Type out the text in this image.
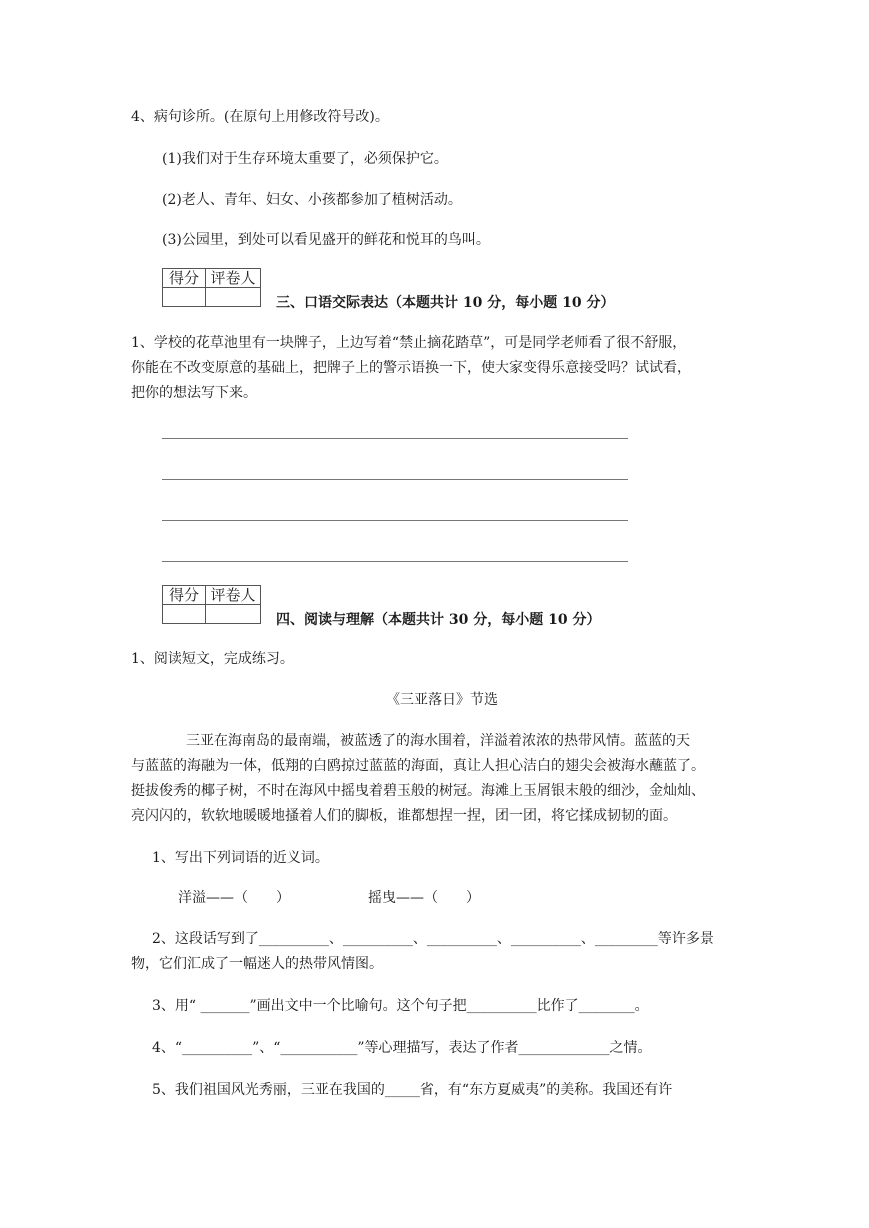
4、病句诊所。(在原句上用修改符号改)。
(1)我们对于生存环境太重要了，必须保护它。
(2)老人、青年、妇女、小孩都参加了植树活动。
(3)公园里，到处可以看见盛开的鲜花和悦耳的鸟叫。
得分	评卷人

三、口语交际表达（本题共计 10 分，每小题 10 分）
1、学校的花草池里有一块牌子，上边写着“禁止摘花踏草”，可是同学老师看了很不舒服，
你能在不改变原意的基础上，把牌子上的警示语换一下，使大家变得乐意接受吗？试试看，
把你的想法写下来。
得分	评卷人

四、阅读与理解（本题共计 30 分，每小题 10 分）
1、阅读短文，完成练习。
《三亚落日》节选
三亚在海南岛的最南端，被蓝透了的海水围着，洋溢着浓浓的热带风情。蓝蓝的天
与蓝蓝的海融为一体，低翔的白鸥掠过蓝蓝的海面，真让人担心洁白的翅尖会被海水蘸蓝了。
挺拔俊秀的椰子树，不时在海风中摇曳着碧玉般的树冠。海滩上玉屑银末般的细沙，金灿灿、
亮闪闪的，软软地暖暖地搔着人们的脚板，谁都想捏一捏，团一团，将它揉成韧韧的面。
1、写出下列词语的近义词。
洋溢——（　　）	摇曳——（　　）
2、这段话写到了__________、__________、__________、__________、_________等许多景
物，它们汇成了一幅迷人的热带风情图。
3、用“ _______”画出文中一个比喻句。这个句子把__________比作了________。
4、“__________”、“___________”等心理描写，表达了作者_____________之情。
5、我们祖国风光秀丽，三亚在我国的_____省，有“东方夏威夷”的美称。我国还有许
